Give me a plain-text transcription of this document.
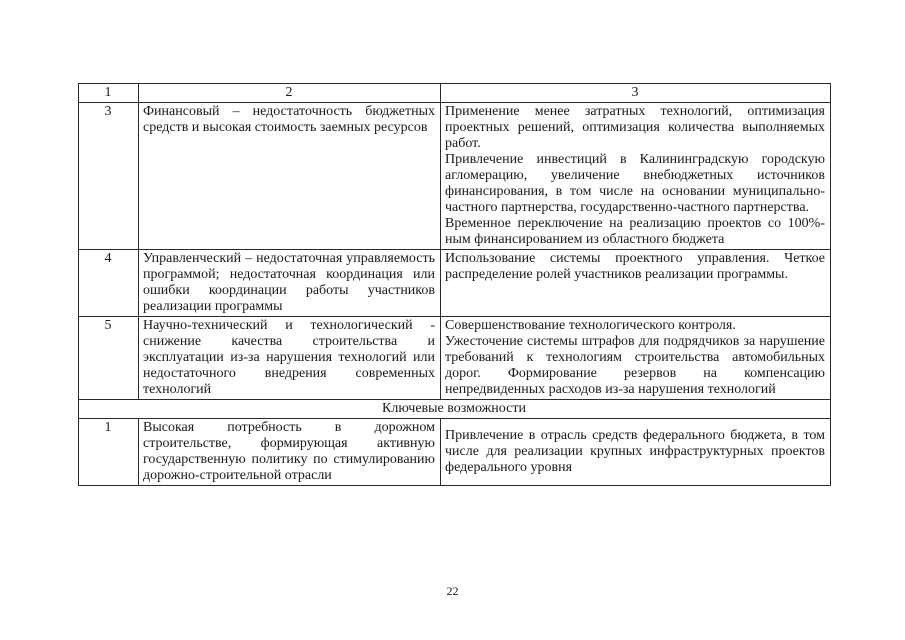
1	2	3
3	Финансовый – недостаточность бюджетных средств и высокая стоимость заемных ресурсов	Применение менее затратных технологий, оптимизация проектных решений, оптимизация количества выполняемых работ.
Привлечение инвестиций в Калининградскую городскую агломерацию, увеличение внебюджетных источников финансирования, в том числе на основании муниципально-частного партнерства, государственно-частного партнерства.
Временное переключение на реализацию проектов со 100%-ным финансированием из областного бюджета

4	Управленческий – недостаточная управляемость программой; недостаточная координация или ошибки координации работы участников реализации программы	Использование системы проектного управления. Четкое распределение ролей участников реализации программы.

5	Научно-технический и технологический - снижение качества строительства и эксплуатации из-за нарушения технологий или недостаточного внедрения современных технологий	Совершенствование технологического контроля.
Ужесточение системы штрафов для подрядчиков за нарушение требований к технологиям строительства автомобильных дорог. Формирование резервов на компенсацию непредвиденных расходов из-за нарушения технологий

Ключевые возможности		
1	Высокая потребность в дорожном строительстве, формирующая активную государственную политику по стимулированию дорожно-строительной отрасли	Привлечение в отрасль средств федерального бюджета, в том числе для реализации крупных инфраструктурных проектов федерального уровня
22
